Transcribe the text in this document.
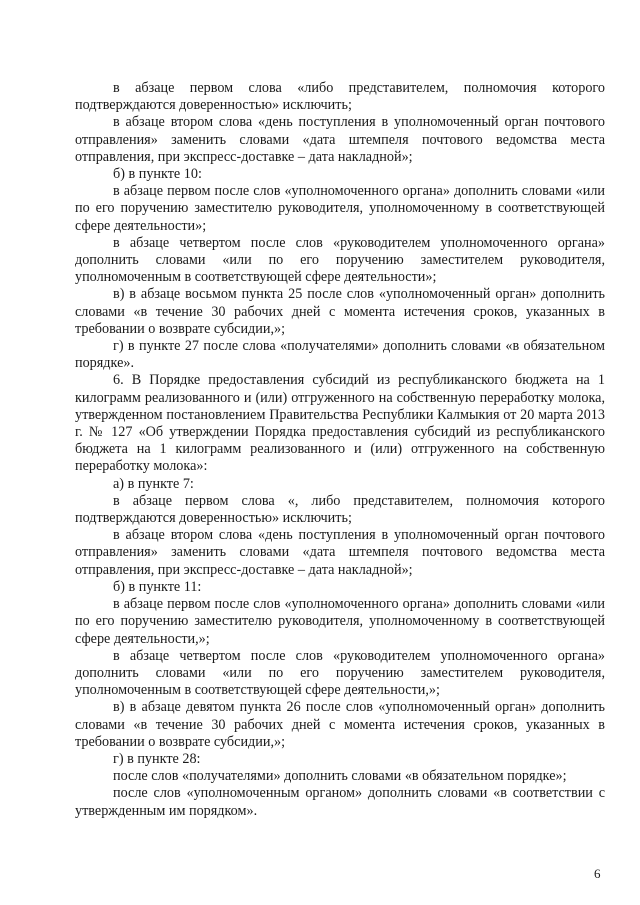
в абзаце первом слова «либо представителем, полномочия которого подтверждаются доверенностью» исключить;

в абзаце втором слова «день поступления в уполномоченный орган почтового отправления» заменить словами «дата штемпеля почтового ведомства места отправления, при экспресс-доставке – дата накладной»;

б) в пункте 10:

в абзаце первом после слов «уполномоченного органа» дополнить словами «или по его поручению заместителю руководителя, уполномоченному в соответствующей сфере деятельности»;

в абзаце четвертом после слов «руководителем уполномоченного органа» дополнить словами «или по его поручению заместителем руководителя, уполномоченным в соответствующей сфере деятельности»;

в) в абзаце восьмом пункта 25 после слов «уполномоченный орган» дополнить словами «в течение 30 рабочих дней с момента истечения сроков, указанных в требовании о возврате субсидии,»;

г) в пункте 27 после слова «получателями» дополнить словами «в обязательном порядке».

6. В Порядке предоставления субсидий из республиканского бюджета на 1 килограмм реализованного и (или) отгруженного на собственную переработку молока, утвержденном постановлением Правительства Республики Калмыкия от 20 марта 2013 г. № 127 «Об утверждении Порядка предоставления субсидий из республиканского бюджета на 1 килограмм реализованного и (или) отгруженного на собственную переработку молока»:

а) в пункте 7:

в абзаце первом слова «, либо представителем, полномочия которого подтверждаются доверенностью» исключить;

в абзаце втором слова «день поступления в уполномоченный орган почтового отправления» заменить словами «дата штемпеля почтового ведомства места отправления, при экспресс-доставке – дата накладной»;

б) в пункте 11:

в абзаце первом после слов «уполномоченного органа» дополнить словами «или по его поручению заместителю руководителя, уполномоченному в соответствующей сфере деятельности,»;

в абзаце четвертом после слов «руководителем уполномоченного органа» дополнить словами «или по его поручению заместителем руководителя, уполномоченным в соответствующей сфере деятельности,»;

в) в абзаце девятом пункта 26 после слов «уполномоченный орган» дополнить словами «в течение 30 рабочих дней с момента истечения сроков, указанных в требовании о возврате субсидии,»;

г) в пункте 28:

после слов «получателями» дополнить словами «в обязательном порядке»;

после слов «уполномоченным органом» дополнить словами «в соответствии с утвержденным им порядком».

6
